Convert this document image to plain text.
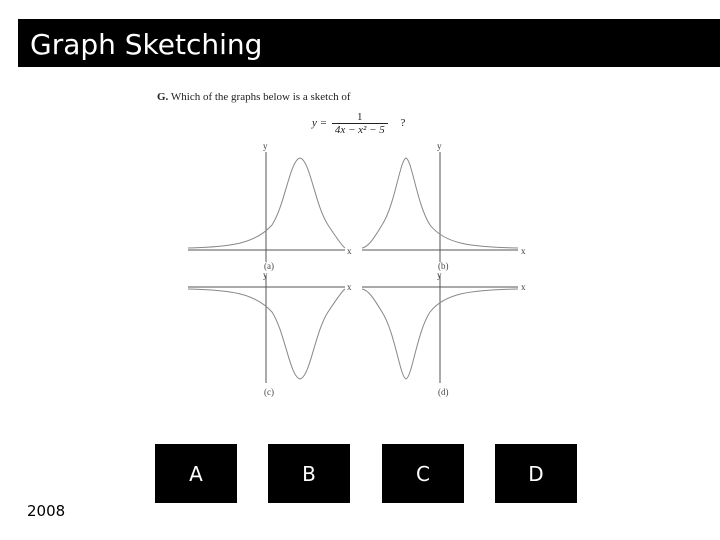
Graph Sketching
G. Which of the graphs below is a sketch of
$y = \frac{1}{\text{4x − x² − 5}}$ ?
y
x
(a)
y
x
(b)
y
x
(c)
y
x
(d)
A	B	C	D
2008
